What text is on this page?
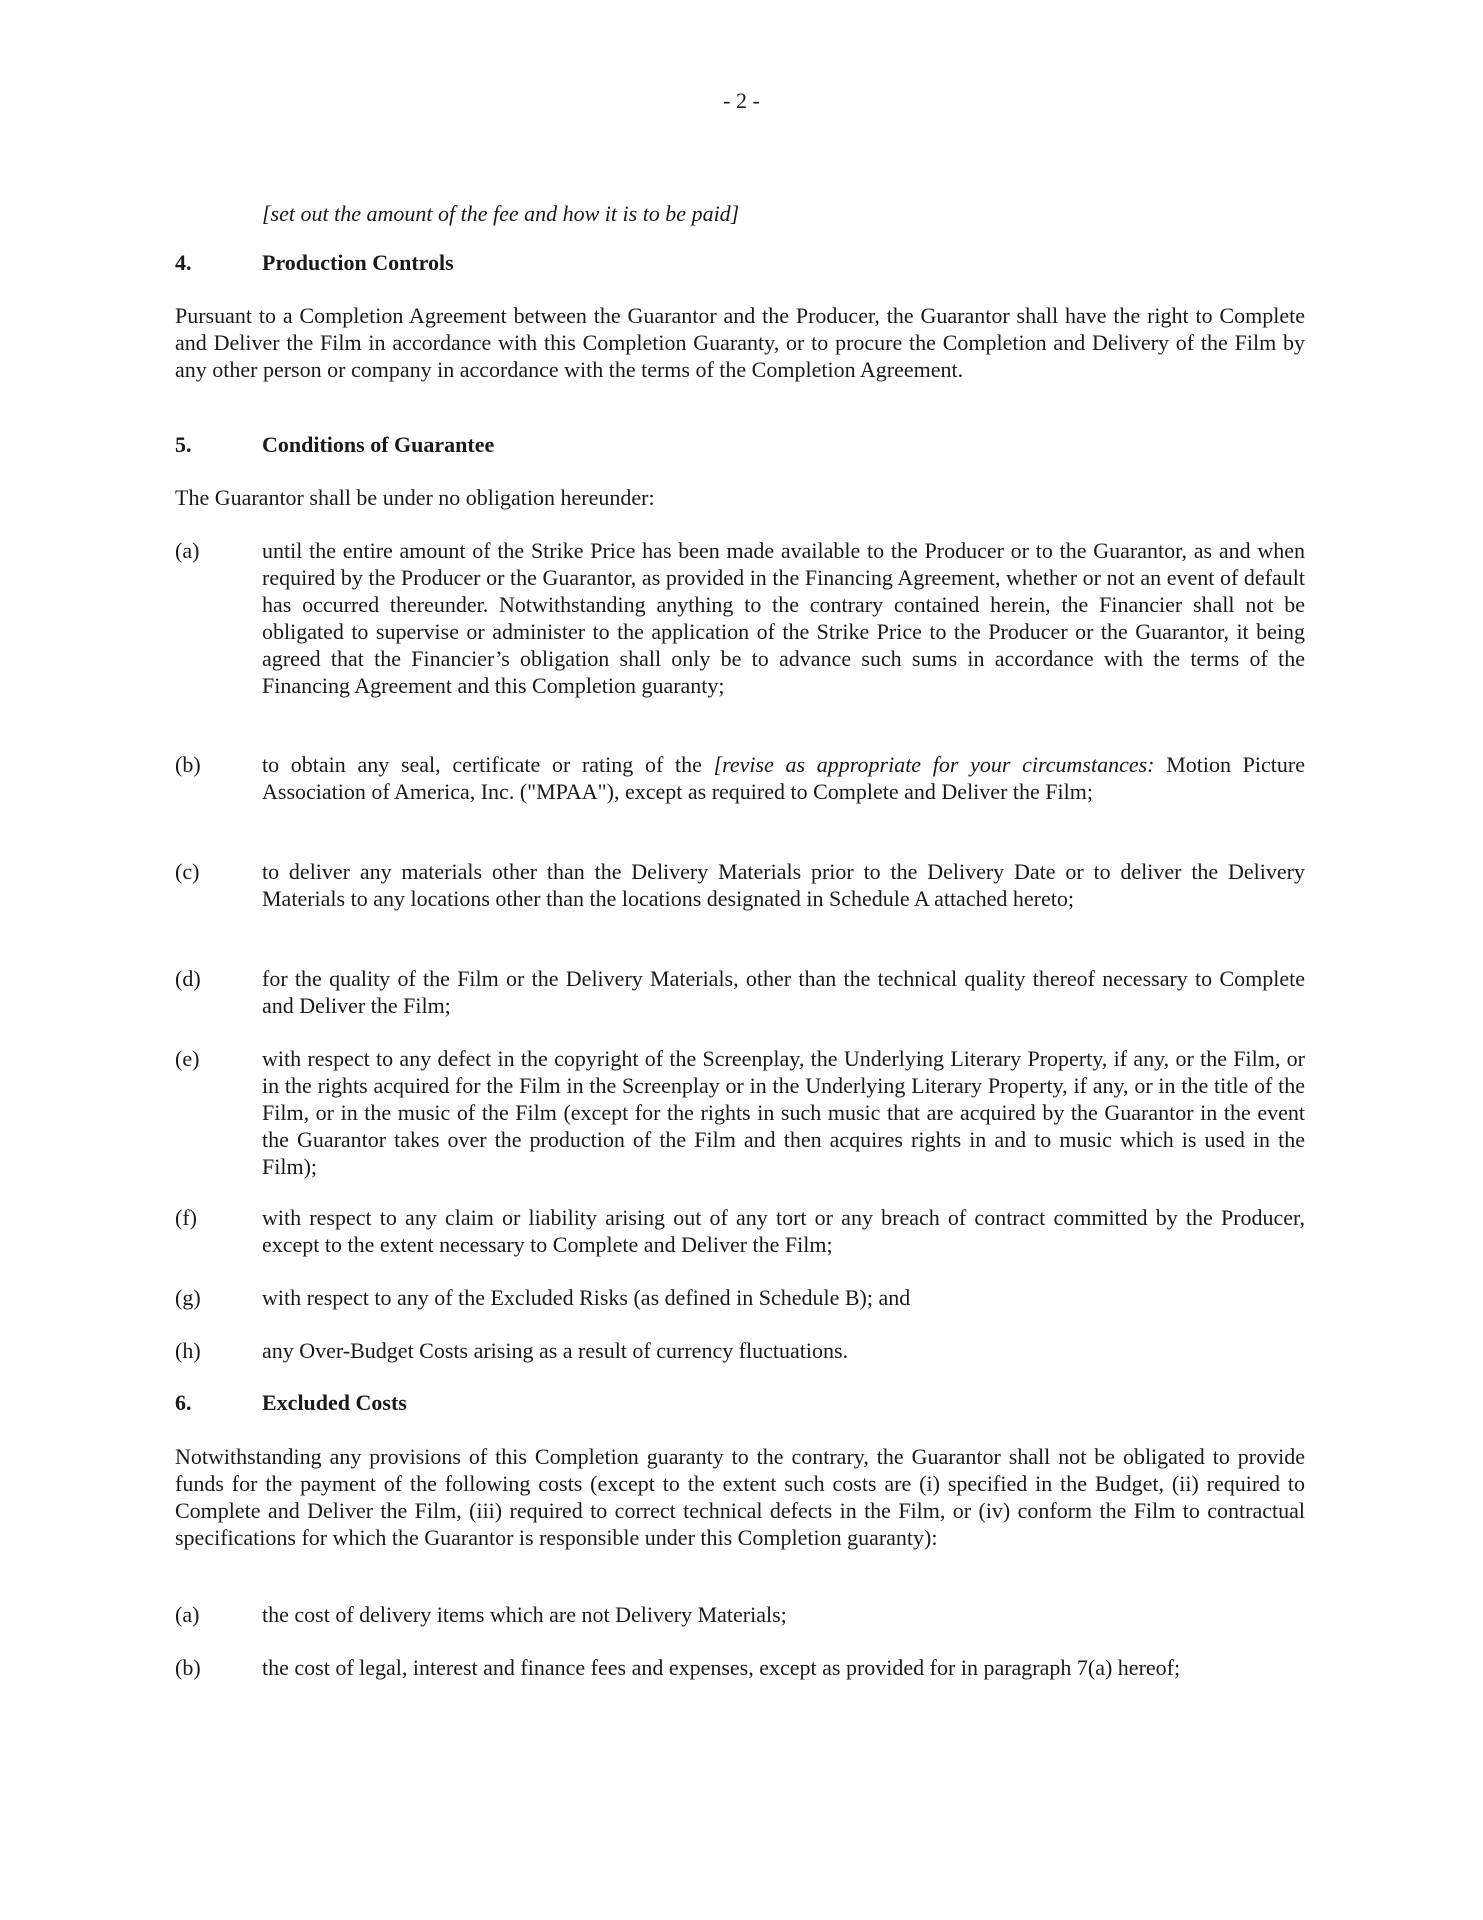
- 2 -
[set out the amount of the fee and how it is to be paid]
4.	Production Controls
Pursuant to a Completion Agreement between the Guarantor and the Producer, the Guarantor shall have the right to Complete and Deliver the Film in accordance with this Completion Guaranty, or to procure the Completion and Delivery of the Film by any other person or company in accordance with the terms of the Completion Agreement.
5.	Conditions of Guarantee
The Guarantor shall be under no obligation hereunder:
(a)	until the entire amount of the Strike Price has been made available to the Producer or to the Guarantor, as and when required by the Producer or the Guarantor, as provided in the Financing Agreement, whether or not an event of default has occurred thereunder. Notwithstanding anything to the contrary contained herein, the Financier shall not be obligated to supervise or administer to the application of the Strike Price to the Producer or the Guarantor, it being agreed that the Financier’s obligation shall only be to advance such sums in accordance with the terms of the Financing Agreement and this Completion guaranty;
(b)	to obtain any seal, certificate or rating of the [revise as appropriate for your circumstances: Motion Picture Association of America, Inc. ("MPAA"), except as required to Complete and Deliver the Film;
(c)	to deliver any materials other than the Delivery Materials prior to the Delivery Date or to deliver the Delivery Materials to any locations other than the locations designated in Schedule A attached hereto;
(d)	for the quality of the Film or the Delivery Materials, other than the technical quality thereof necessary to Complete and Deliver the Film;
(e)	with respect to any defect in the copyright of the Screenplay, the Underlying Literary Property, if any, or the Film, or in the rights acquired for the Film in the Screenplay or in the Underlying Literary Property, if any, or in the title of the Film, or in the music of the Film (except for the rights in such music that are acquired by the Guarantor in the event the Guarantor takes over the production of the Film and then acquires rights in and to music which is used in the Film);
(f)	with respect to any claim or liability arising out of any tort or any breach of contract committed by the Producer, except to the extent necessary to Complete and Deliver the Film;
(g)	with respect to any of the Excluded Risks (as defined in Schedule B); and
(h)	any Over-Budget Costs arising as a result of currency fluctuations.
6.	Excluded Costs
Notwithstanding any provisions of this Completion guaranty to the contrary, the Guarantor shall not be obligated to provide funds for the payment of the following costs (except to the extent such costs are (i) specified in the Budget, (ii) required to Complete and Deliver the Film, (iii) required to correct technical defects in the Film, or (iv) conform the Film to contractual specifications for which the Guarantor is responsible under this Completion guaranty):
(a)	the cost of delivery items which are not Delivery Materials;
(b)	the cost of legal, interest and finance fees and expenses, except as provided for in paragraph 7(a) hereof;
